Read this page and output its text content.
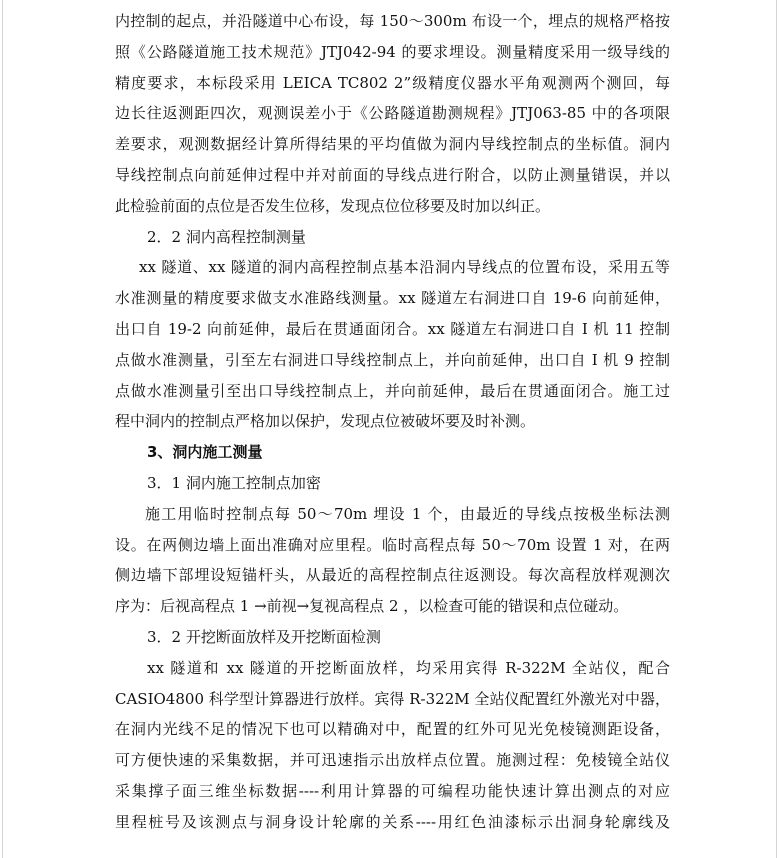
内控制的起点，并沿隧道中心布设，每 150～300m 布设一个，埋点的规格严格按
照《公路隧道施工技术规范》JTJ042-94 的要求埋设。测量精度采用一级导线的
精度要求，本标段采用 LEICA TC802 2”级精度仪器水平角观测两个测回，每
边长往返测距四次，观测误差小于《公路隧道勘测规程》JTJ063-85 中的各项限
差要求，观测数据经计算所得结果的平均值做为洞内导线控制点的坐标值。洞内
导线控制点向前延伸过程中并对前面的导线点进行附合，以防止测量错误，并以
此检验前面的点位是否发生位移，发现点位位移要及时加以纠正。
2．2 洞内高程控制测量
xx 隧道、xx 隧道的洞内高程控制点基本沿洞内导线点的位置布设，采用五等
水准测量的精度要求做支水准路线测量。xx 隧道左右洞进口自 19-6 向前延伸，
出口自 19-2 向前延伸，最后在贯通面闭合。xx 隧道左右洞进口自 I 机 11 控制
点做水准测量，引至左右洞进口导线控制点上，并向前延伸，出口自 I 机 9 控制
点做水准测量引至出口导线控制点上，并向前延伸，最后在贯通面闭合。施工过
程中洞内的控制点严格加以保护，发现点位被破坏要及时补测。
3、洞内施工测量
3．1 洞内施工控制点加密
施工用临时控制点每 50～70m 埋设 1 个，由最近的导线点按极坐标法测
设。在两侧边墙上面出准确对应里程。临时高程点每 50～70m 设置 1 对，在两
侧边墙下部埋设短锚杆头，从最近的高程控制点往返测设。每次高程放样观测次
序为：后视高程点 1 →前视→复视高程点 2 ，以检查可能的错误和点位碰动。
3．2 开挖断面放样及开挖断面检测
xx 隧道和 xx 隧道的开挖断面放样，均采用宾得 R-322M 全站仪，配合
CASIO4800 科学型计算器进行放样。宾得 R-322M 全站仪配置红外激光对中器，
在洞内光线不足的情况下也可以精确对中，配置的红外可见光免棱镜测距设备，
可方便快速的采集数据，并可迅速指示出放样点位置。施测过程：免棱镜全站仪
采集撑子面三维坐标数据----利用计算器的可编程功能快速计算出测点的对应
里程桩号及该测点与洞身设计轮廓的关系----用红色油漆标示出洞身轮廓线及
